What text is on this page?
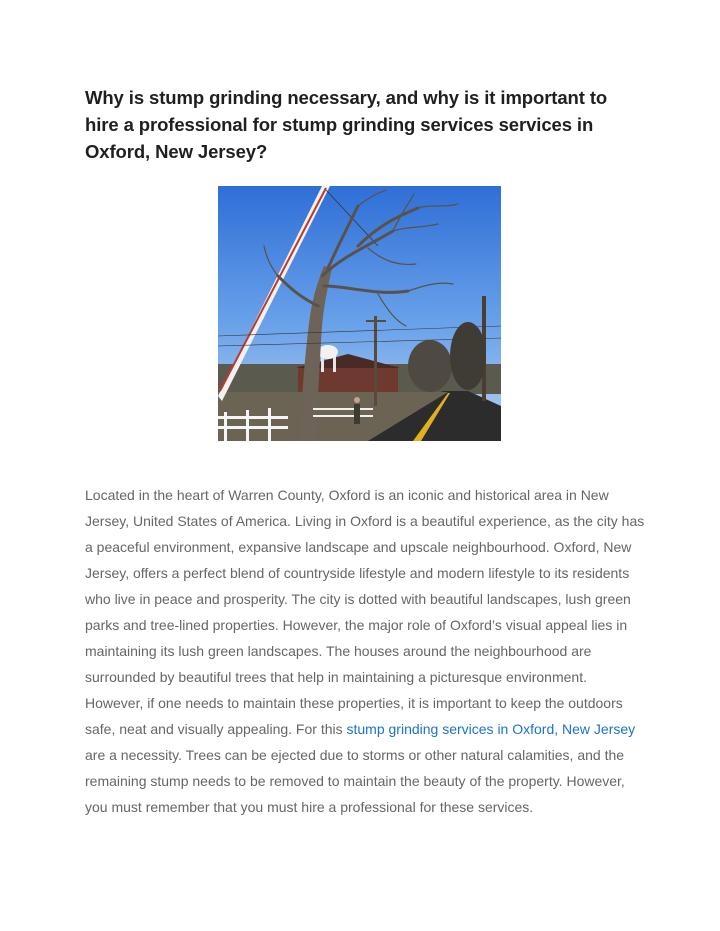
Why is stump grinding necessary, and why is it important to hire a professional for stump grinding services services in Oxford, New Jersey?

Located in the heart of Warren County, Oxford is an iconic and historical area in New Jersey, United States of America. Living in Oxford is a beautiful experience, as the city has a peaceful environment, expansive landscape and upscale neighbourhood. Oxford, New Jersey, offers a perfect blend of countryside lifestyle and modern lifestyle to its residents who live in peace and prosperity. The city is dotted with beautiful landscapes, lush green parks and tree-lined properties. However, the major role of Oxford’s visual appeal lies in maintaining its lush green landscapes. The houses around the neighbourhood are surrounded by beautiful trees that help in maintaining a picturesque environment. However, if one needs to maintain these properties, it is important to keep the outdoors safe, neat and visually appealing. For this stump grinding services in Oxford, New Jersey are a necessity. Trees can be ejected due to storms or other natural calamities, and the remaining stump needs to be removed to maintain the beauty of the property. However, you must remember that you must hire a professional for these services.
